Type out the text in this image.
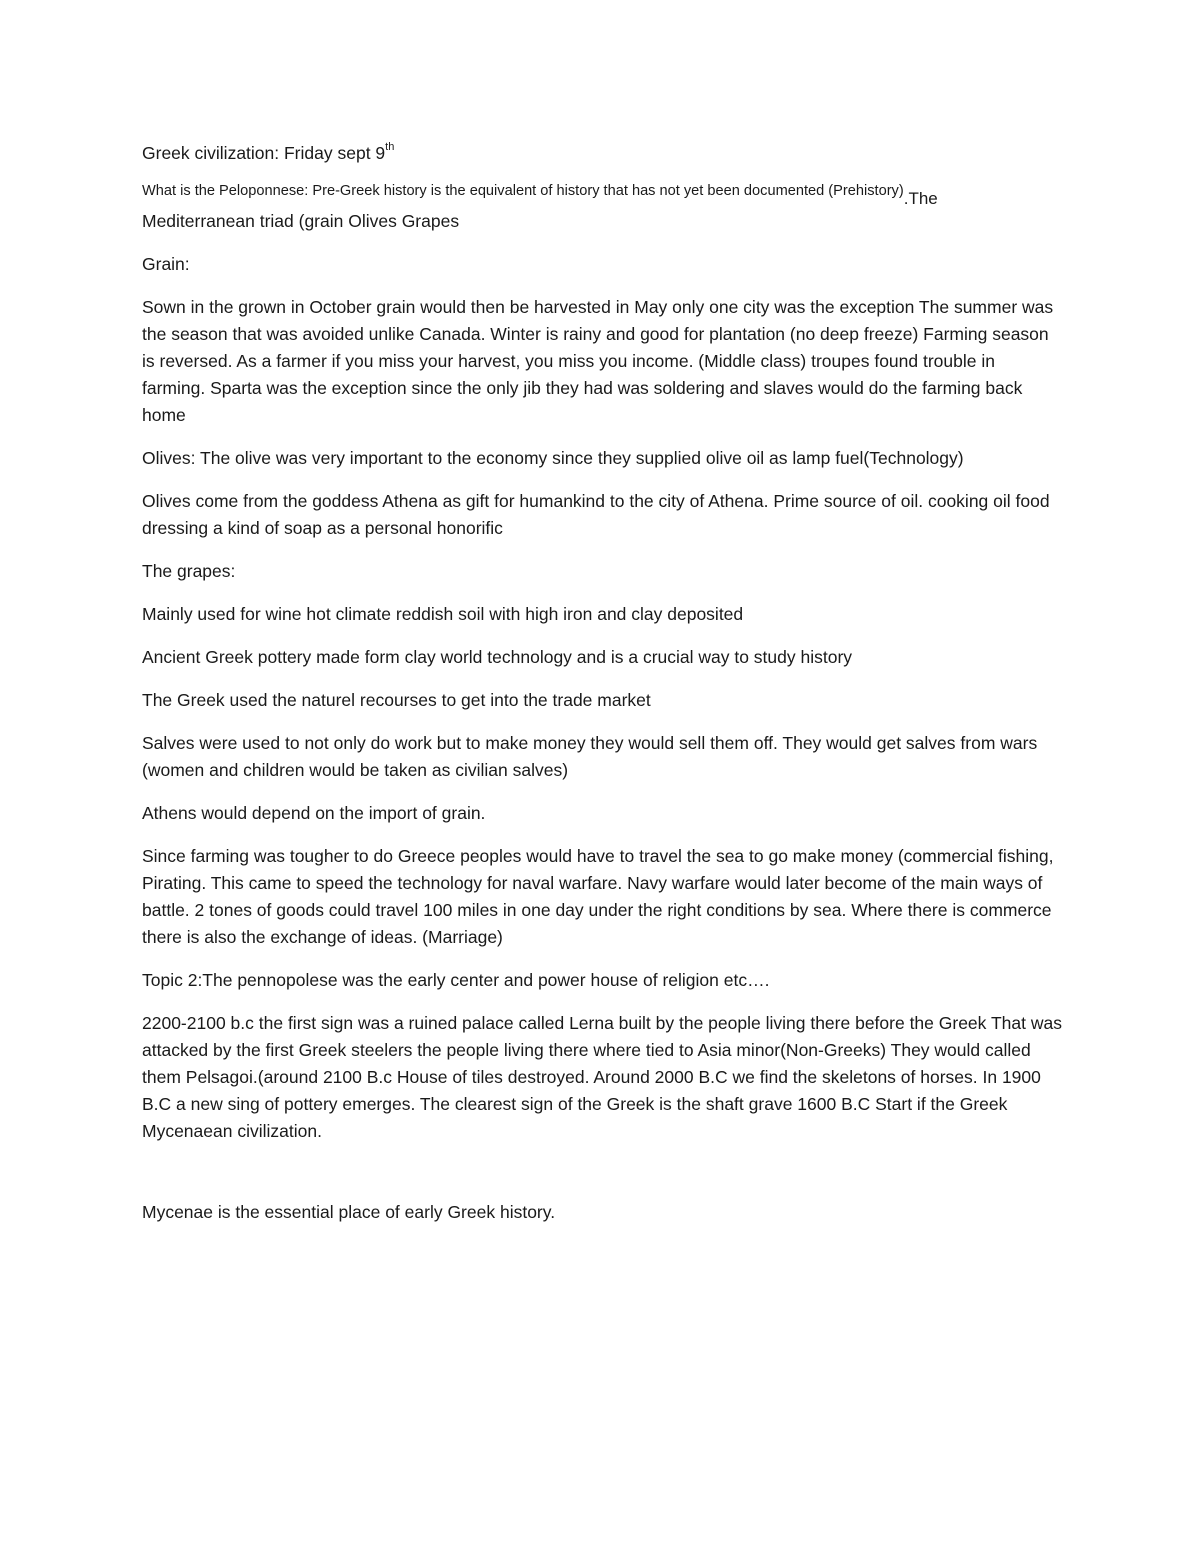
Greek civilization: Friday sept 9th
What is the Peloponnese: Pre-Greek history is the equivalent of history that has not yet been documented (Prehistory).The
Mediterranean triad (grain Olives Grapes

Grain:

Sown in the grown in October grain would then be harvested in May only one city was the exception The summer was the season that was avoided unlike Canada. Winter is rainy and good for plantation (no deep freeze) Farming season is reversed. As a farmer if you miss your harvest, you miss you income. (Middle class) troupes found trouble in farming. Sparta was the exception since the only jib they had was soldering and slaves would do the farming back home

Olives: The olive was very important to the economy since they supplied olive oil as lamp fuel(Technology)

Olives come from the goddess Athena as gift for humankind to the city of Athena. Prime source of oil. cooking oil food dressing a kind of soap as a personal honorific

The grapes:

Mainly used for wine hot climate reddish soil with high iron and clay deposited

Ancient Greek pottery made form clay world technology and is a crucial way to study history

The Greek used the naturel recourses to get into the trade market

Salves were used to not only do work but to make money they would sell them off. They would get salves from wars (women and children would be taken as civilian salves)

Athens would depend on the import of grain.

Since farming was tougher to do Greece peoples would have to travel the sea to go make money (commercial fishing, Pirating. This came to speed the technology for naval warfare. Navy warfare would later become of the main ways of battle. 2 tones of goods could travel 100 miles in one day under the right conditions by sea. Where there is commerce there is also the exchange of ideas. (Marriage)

Topic 2:The pennopolese was the early center and power house of religion etc….

2200-2100 b.c the first sign was a ruined palace called Lerna built by the people living there before the Greek That was attacked by the first Greek steelers the people living there where tied to Asia minor(Non-Greeks) They would called them Pelsagoi.(around 2100 B.c House of tiles destroyed. Around 2000 B.C we find the skeletons of horses. In 1900 B.C a new sing of pottery emerges. The clearest sign of the Greek is the shaft grave 1600 B.C Start if the Greek Mycenaean civilization.

Mycenae is the essential place of early Greek history.
